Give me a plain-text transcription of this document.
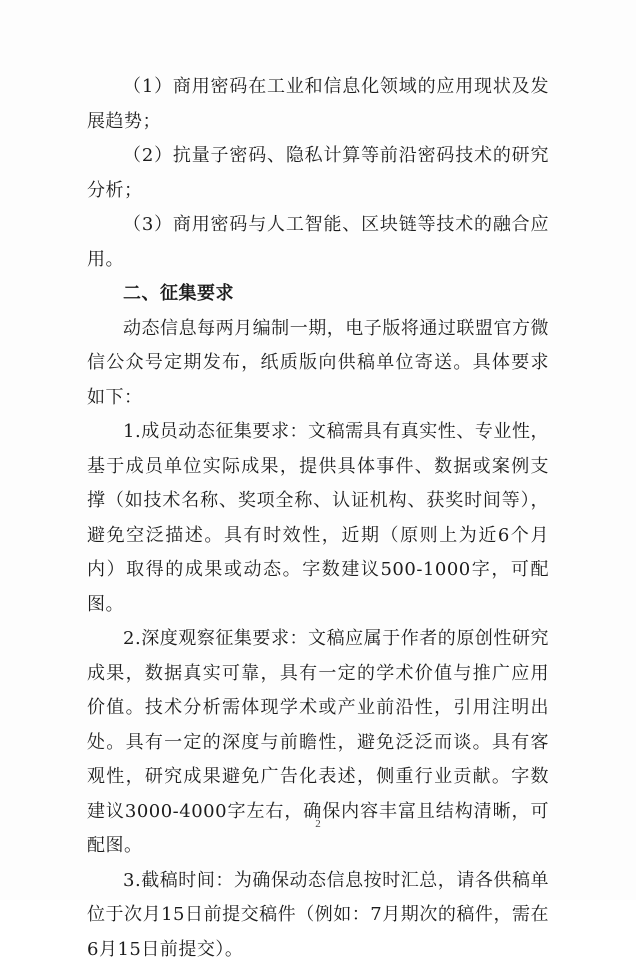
（1）商用密码在工业和信息化领域的应用现状及发展趋势；

（2）抗量子密码、隐私计算等前沿密码技术的研究分析；

（3）商用密码与人工智能、区块链等技术的融合应用。

二、征集要求

动态信息每两月编制一期，电子版将通过联盟官方微信公众号定期发布，纸质版向供稿单位寄送。具体要求如下：

1.成员动态征集要求：文稿需具有真实性、专业性，基于成员单位实际成果，提供具体事件、数据或案例支撑（如技术名称、奖项全称、认证机构、获奖时间等），避免空泛描述。具有时效性，近期（原则上为近6个月内）取得的成果或动态。字数建议500-1000字，可配图。

2.深度观察征集要求：文稿应属于作者的原创性研究成果，数据真实可靠，具有一定的学术价值与推广应用价值。技术分析需体现学术或产业前沿性，引用注明出处。具有一定的深度与前瞻性，避免泛泛而谈。具有客观性，研究成果避免广告化表述，侧重行业贡献。字数建议3000-4000字左右，确保内容丰富且结构清晰，可配图。

3.截稿时间：为确保动态信息按时汇总，请各供稿单位于次月15日前提交稿件（例如：7月期次的稿件，需在6月15日前提交）。

2
